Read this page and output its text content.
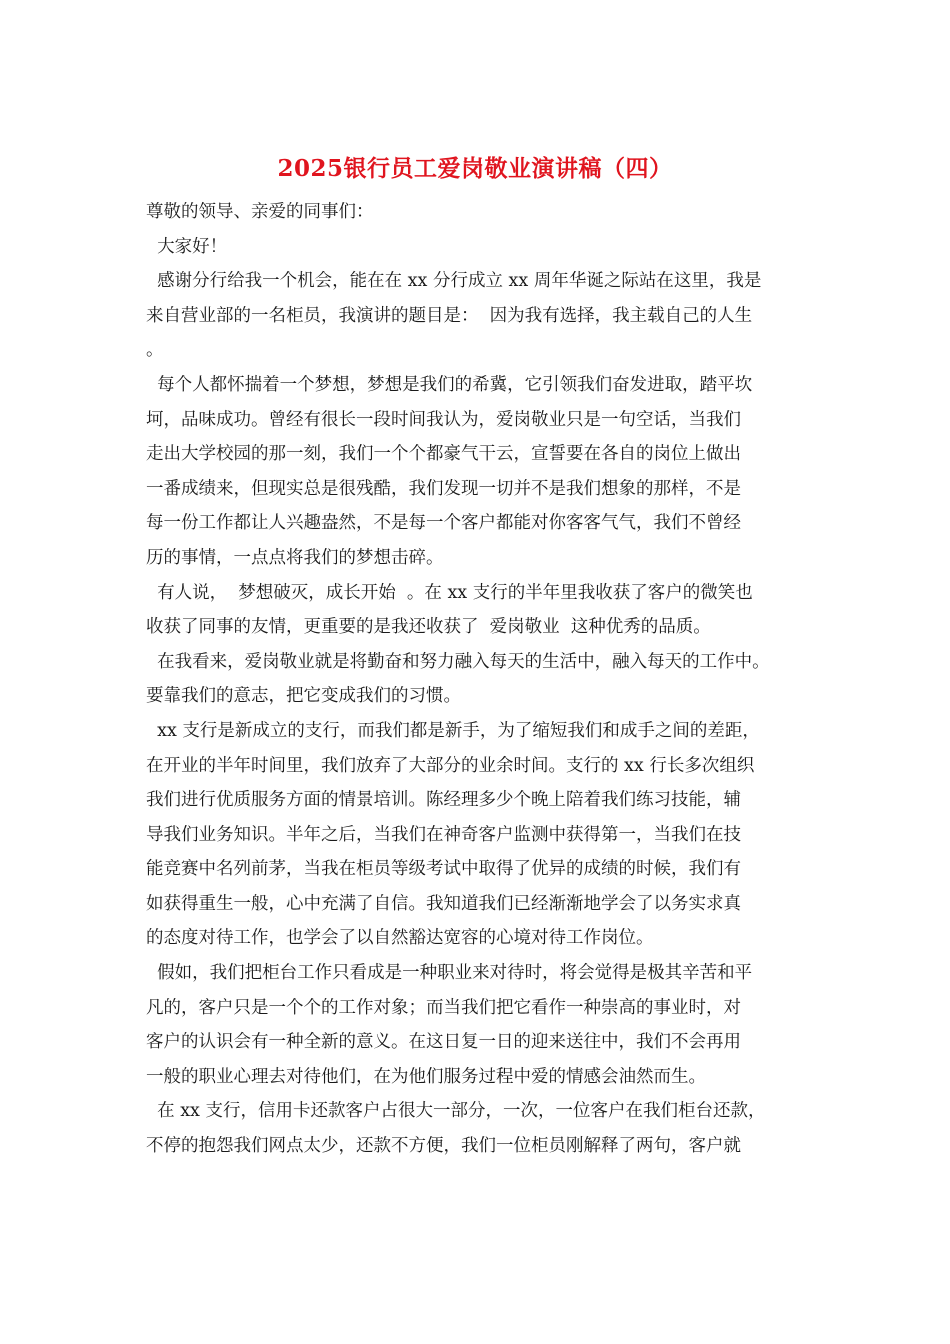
2025银行员工爱岗敬业演讲稿（四）
尊敬的领导、亲爱的同事们：
大家好！
感谢分行给我一个机会，能在在 xx 分行成立 xx 周年华诞之际站在这里，我是
来自营业部的一名柜员，我演讲的题目是：  因为我有选择，我主载自己的人生
。
每个人都怀揣着一个梦想，梦想是我们的希冀，它引领我们奋发进取，踏平坎
坷，品味成功。曾经有很长一段时间我认为，爱岗敬业只是一句空话，当我们
走出大学校园的那一刻，我们一个个都豪气干云，宣誓要在各自的岗位上做出
一番成绩来，但现实总是很残酷，我们发现一切并不是我们想象的那样，不是
每一份工作都让人兴趣盎然，不是每一个客户都能对你客客气气，我们不曾经
历的事情，一点点将我们的梦想击碎。
有人说，  梦想破灭，成长开始  。在 xx 支行的半年里我收获了客户的微笑也
收获了同事的友情，更重要的是我还收获了  爱岗敬业  这种优秀的品质。
在我看来，爱岗敬业就是将勤奋和努力融入每天的生活中，融入每天的工作中。
要靠我们的意志，把它变成我们的习惯。
xx 支行是新成立的支行，而我们都是新手，为了缩短我们和成手之间的差距，
在开业的半年时间里，我们放弃了大部分的业余时间。支行的 xx 行长多次组织
我们进行优质服务方面的情景培训。陈经理多少个晚上陪着我们练习技能，辅
导我们业务知识。半年之后，当我们在神奇客户监测中获得第一，当我们在技
能竞赛中名列前茅，当我在柜员等级考试中取得了优异的成绩的时候，我们有
如获得重生一般，心中充满了自信。我知道我们已经渐渐地学会了以务实求真
的态度对待工作，也学会了以自然豁达宽容的心境对待工作岗位。
假如，我们把柜台工作只看成是一种职业来对待时，将会觉得是极其辛苦和平
凡的，客户只是一个个的工作对象；而当我们把它看作一种崇高的事业时，对
客户的认识会有一种全新的意义。在这日复一日的迎来送往中，我们不会再用
一般的职业心理去对待他们，在为他们服务过程中爱的情感会油然而生。
在 xx 支行，信用卡还款客户占很大一部分，一次，一位客户在我们柜台还款，
不停的抱怨我们网点太少，还款不方便，我们一位柜员刚解释了两句，客户就
